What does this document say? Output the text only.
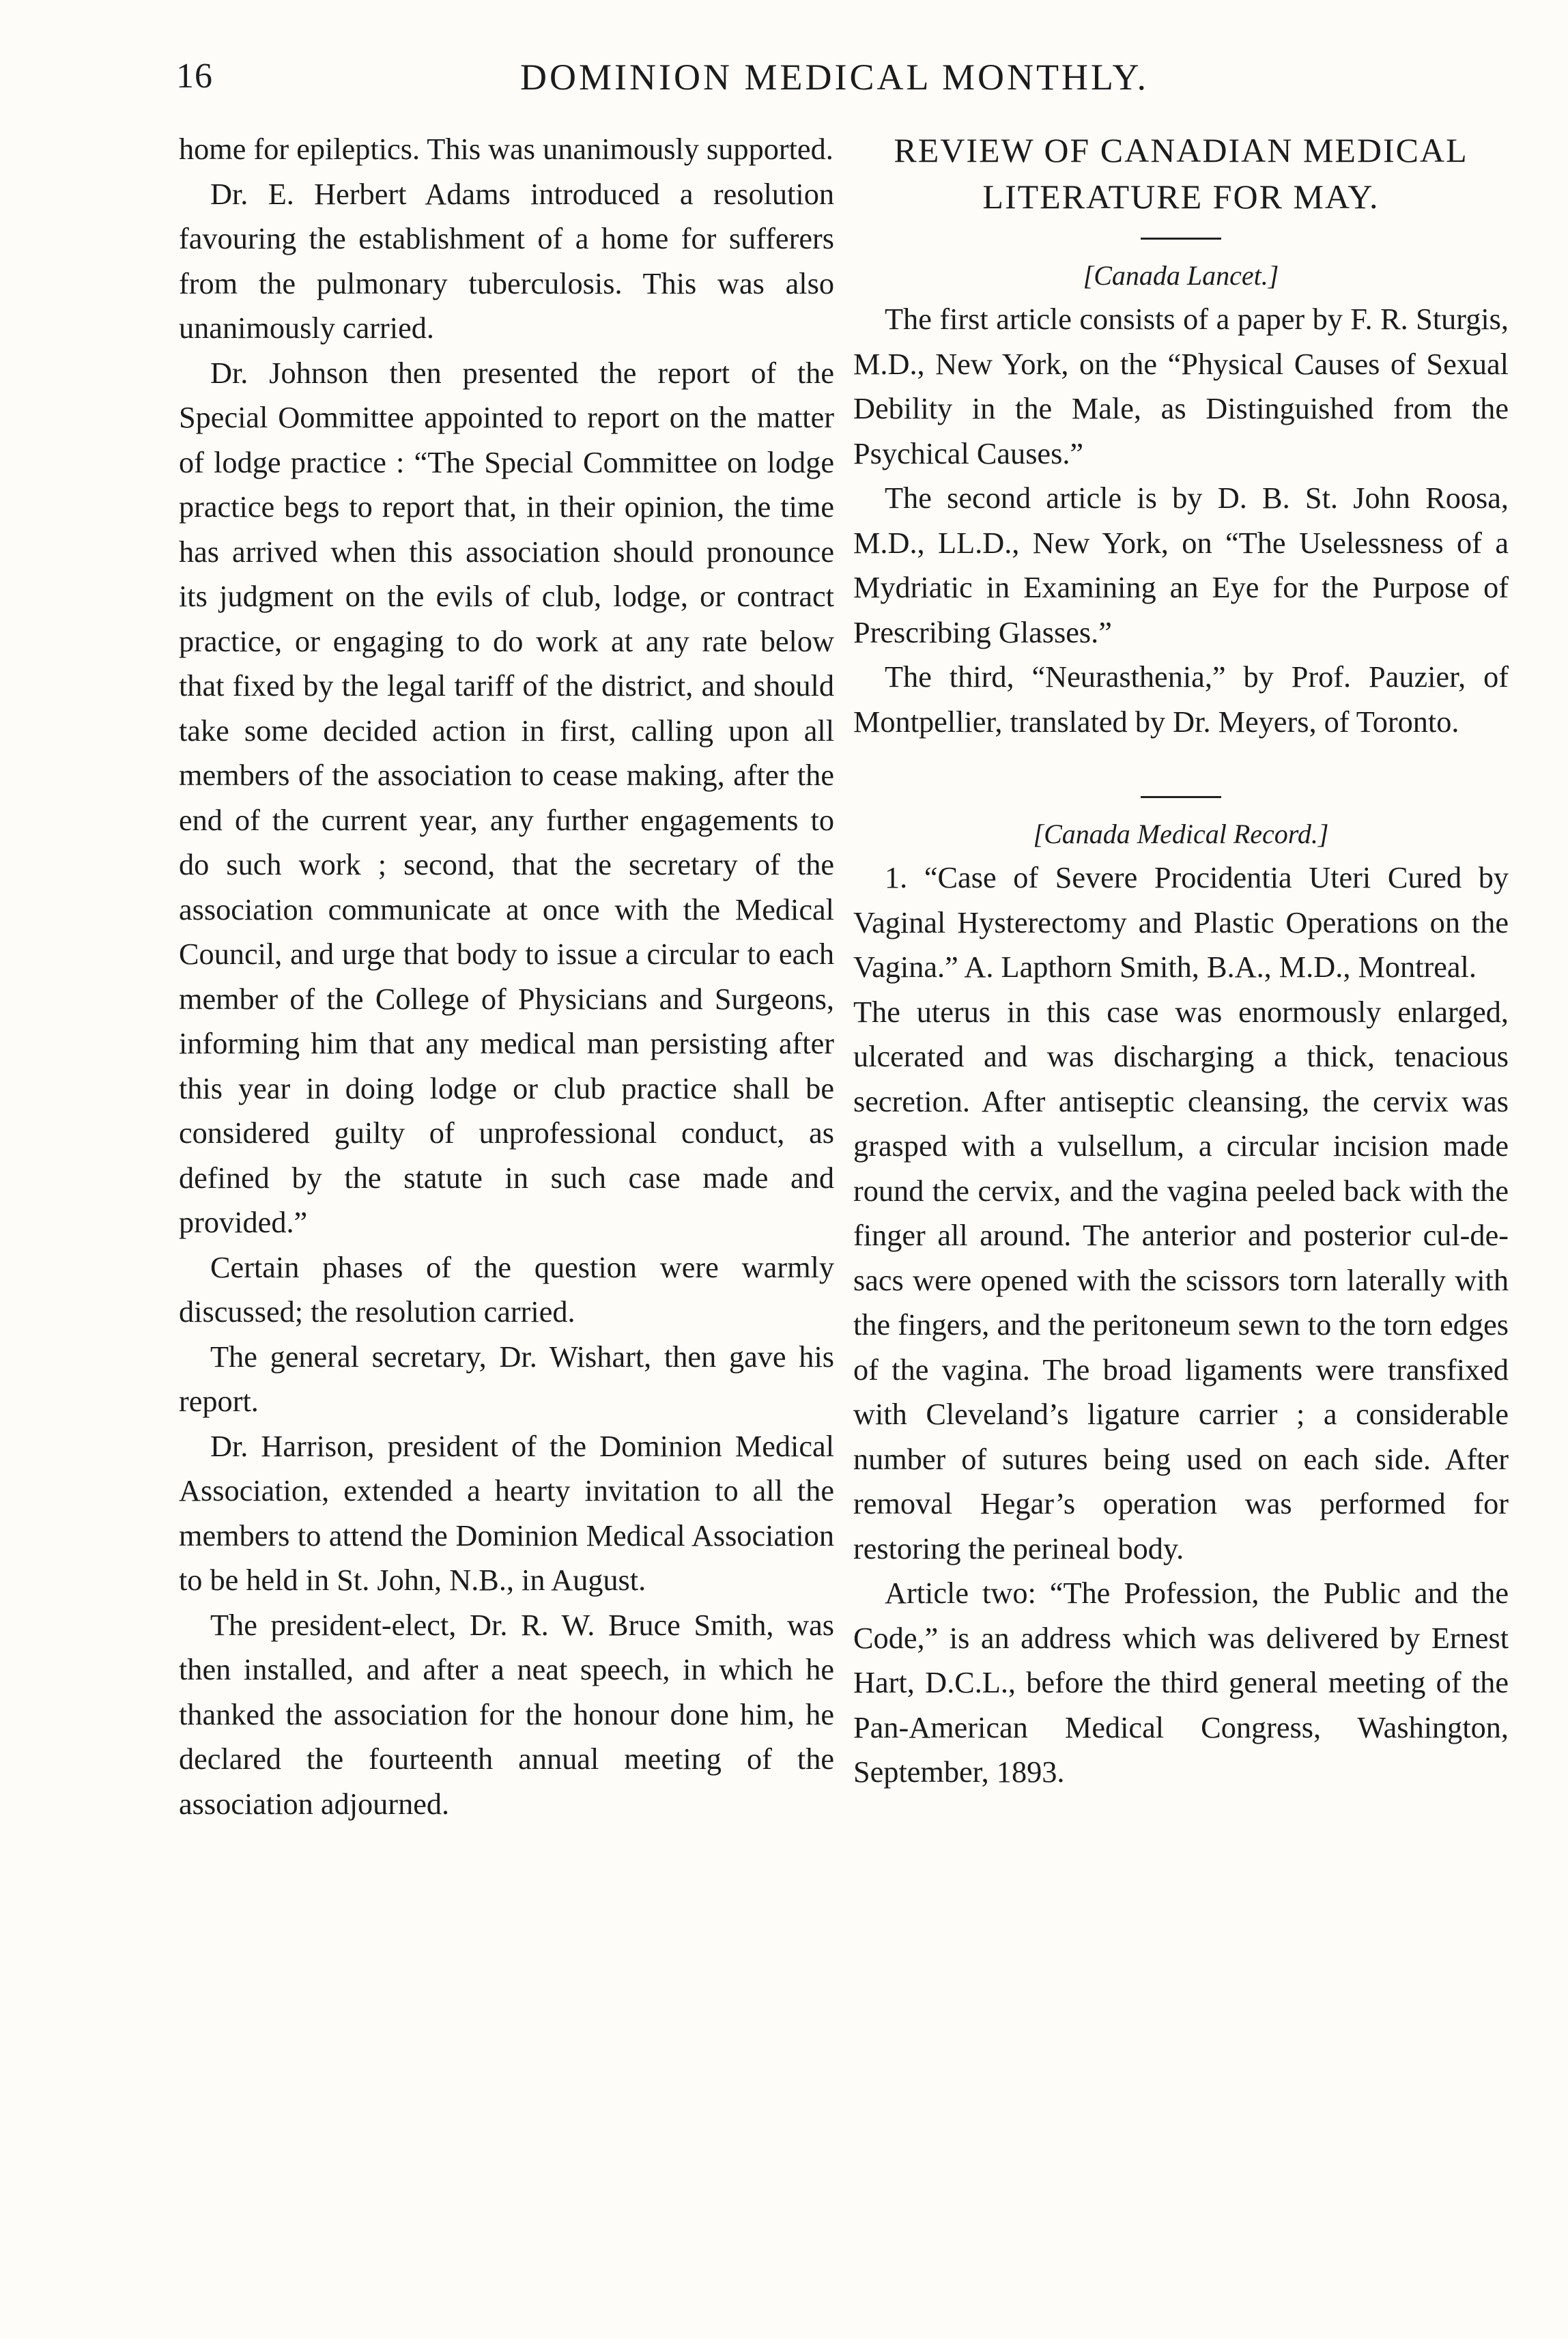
16	DOMINION MEDICAL MONTHLY.

home for epileptics. This was unanimously supported.

Dr. E. Herbert Adams introduced a resolution favouring the establishment of a home for sufferers from the pulmonary tuberculosis. This was also unanimously carried.

Dr. Johnson then presented the report of the Special Oommittee appointed to report on the matter of lodge practice : “The Special Committee on lodge practice begs to report that, in their opinion, the time has arrived when this association should pronounce its judgment on the evils of club, lodge, or contract practice, or engaging to do work at any rate below that fixed by the legal tariff of the district, and should take some decided action in first, calling upon all members of the association to cease making, after the end of the current year, any further engagements to do such work ; second, that the secretary of the association communicate at once with the Medical Council, and urge that body to issue a circular to each member of the College of Physicians and Surgeons, informing him that any medical man persisting after this year in doing lodge or club practice shall be considered guilty of unprofessional conduct, as defined by the statute in such case made and provided.”

Certain phases of the question were warmly discussed; the resolution carried.

The general secretary, Dr. Wishart, then gave his report.

Dr. Harrison, president of the Dominion Medical Association, extended a hearty invitation to all the members to attend the Dominion Medical Association to be held in St. John, N.B., in August.

The president-elect, Dr. R. W. Bruce Smith, was then installed, and after a neat speech, in which he thanked the association for the honour done him, he declared the fourteenth annual meeting of the association adjourned.

REVIEW OF CANADIAN MEDICAL LITERATURE FOR MAY.

[Canada Lancet.]

The first article consists of a paper by F. R. Sturgis, M.D., New York, on the “Physical Causes of Sexual Debility in the Male, as Distinguished from the Psychical Causes.”

The second article is by D. B. St. John Roosa, M.D., LL.D., New York, on “The Uselessness of a Mydriatic in Examining an Eye for the Purpose of Prescribing Glasses.”

The third, “Neurasthenia,” by Prof. Pauzier, of Montpellier, translated by Dr. Meyers, of Toronto.

[Canada Medical Record.]

1. “Case of Severe Procidentia Uteri Cured by Vaginal Hysterectomy and Plastic Operations on the Vagina.” A. Lapthorn Smith, B.A., M.D., Montreal.

The uterus in this case was enormously enlarged, ulcerated and was discharging a thick, tenacious secretion. After antiseptic cleansing, the cervix was grasped with a vulsellum, a circular incision made round the cervix, and the vagina peeled back with the finger all around. The anterior and posterior cul-de-sacs were opened with the scissors torn laterally with the fingers, and the peritoneum sewn to the torn edges of the vagina. The broad ligaments were transfixed with Cleveland’s ligature carrier ; a considerable number of sutures being used on each side. After removal Hegar’s operation was performed for restoring the perineal body.

Article two: “The Profession, the Public and the Code,” is an address which was delivered by Ernest Hart, D.C.L., before the third general meeting of the Pan-American Medical Congress, Washington, September, 1893.
